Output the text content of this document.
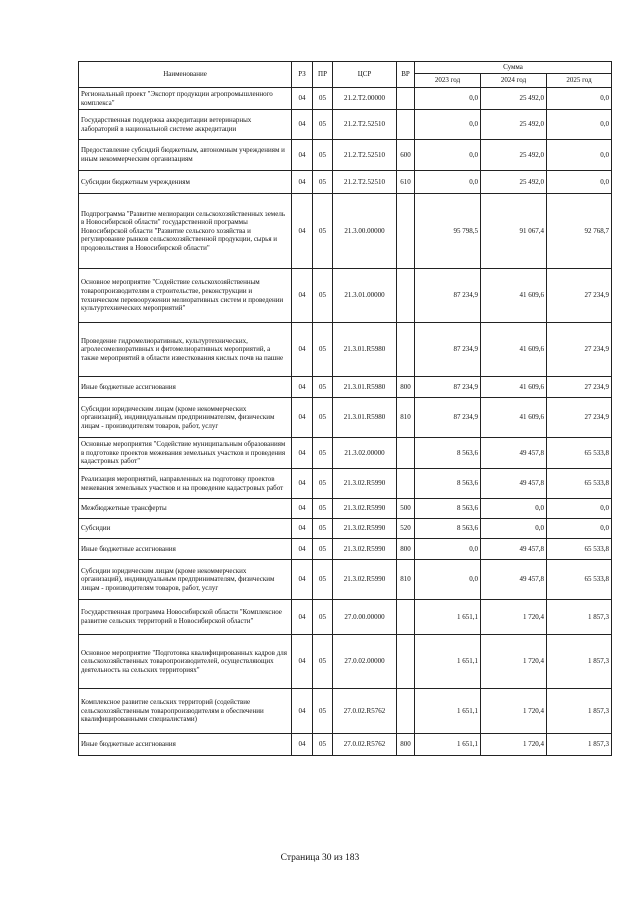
Наименование	РЗ	ПР	ЦСР	ВР	Сумма		
					2023 год	2024 год	2025 год
Региональный проект "Экспорт продукции агропромышленного комплекса"	04	05	21.2.Т2.00000		0,0	25 492,0	0,0
Государственная поддержка аккредитации ветеринарных лабораторий в национальной системе аккредитации	04	05	21.2.Т2.52510		0,0	25 492,0	0,0
Предоставление субсидий бюджетным, автономным учреждениям и иным некоммерческим организациям	04	05	21.2.Т2.52510	600	0,0	25 492,0	0,0
Субсидии бюджетным учреждениям	04	05	21.2.Т2.52510	610	0,0	25 492,0	0,0
Подпрограмма "Развитие мелиорации сельскохозяйственных земель в Новосибирской области" государственной программы Новосибирской области "Развитие сельского хозяйства и регулирование рынков сельскохозяйственной продукции, сырья и продовольствия в Новосибирской области"	04	05	21.3.00.00000		95 798,5	91 067,4	92 768,7
Основное мероприятие "Содействие сельскохозяйственным товаропроизводителям в строительстве, реконструкции и техническом перевооружении мелиоративных систем и проведении культуртехнических мероприятий"	04	05	21.3.01.00000		87 234,9	41 609,6	27 234,9
Проведение гидромелиоративных, культуртехнических, агролесомелиоративных и фитомелиоративных мероприятий, а также мероприятий в области известкования кислых почв на пашне	04	05	21.3.01.R5980		87 234,9	41 609,6	27 234,9
Иные бюджетные ассигнования	04	05	21.3.01.R5980	800	87 234,9	41 609,6	27 234,9
Субсидии юридическим лицам (кроме некоммерческих организаций), индивидуальным предпринимателям, физическим лицам - производителям товаров, работ, услуг	04	05	21.3.01.R5980	810	87 234,9	41 609,6	27 234,9
Основные мероприятия "Содействие муниципальным образованиям в подготовке проектов межевания земельных участков и проведения кадастровых работ"	04	05	21.3.02.00000		8 563,6	49 457,8	65 533,8
Реализация мероприятий, направленных на подготовку проектов межевания земельных участков и на проведение кадастровых работ	04	05	21.3.02.R5990		8 563,6	49 457,8	65 533,8
Межбюджетные трансферты	04	05	21.3.02.R5990	500	8 563,6	0,0	0,0
Субсидии	04	05	21.3.02.R5990	520	8 563,6	0,0	0,0
Иные бюджетные ассигнования	04	05	21.3.02.R5990	800	0,0	49 457,8	65 533,8
Субсидии юридическим лицам (кроме некоммерческих организаций), индивидуальным предпринимателям, физическим лицам - производителям товаров, работ, услуг	04	05	21.3.02.R5990	810	0,0	49 457,8	65 533,8
Государственная программа Новосибирской области "Комплексное развитие сельских территорий в Новосибирской области"	04	05	27.0.00.00000		1 651,1	1 720,4	1 857,3
Основное мероприятие "Подготовка квалифицированных кадров для сельскохозяйственных товаропроизводителей, осуществляющих деятельность на сельских территориях"	04	05	27.0.02.00000		1 651,1	1 720,4	1 857,3
Комплексное развитие сельских территорий (содействие сельскохозяйственным товаропроизводителям в обеспечении квалифицированными специалистами)	04	05	27.0.02.R5762		1 651,1	1 720,4	1 857,3
Иные бюджетные ассигнования	04	05	27.0.02.R5762	800	1 651,1	1 720,4	1 857,3
Страница 30 из 183
